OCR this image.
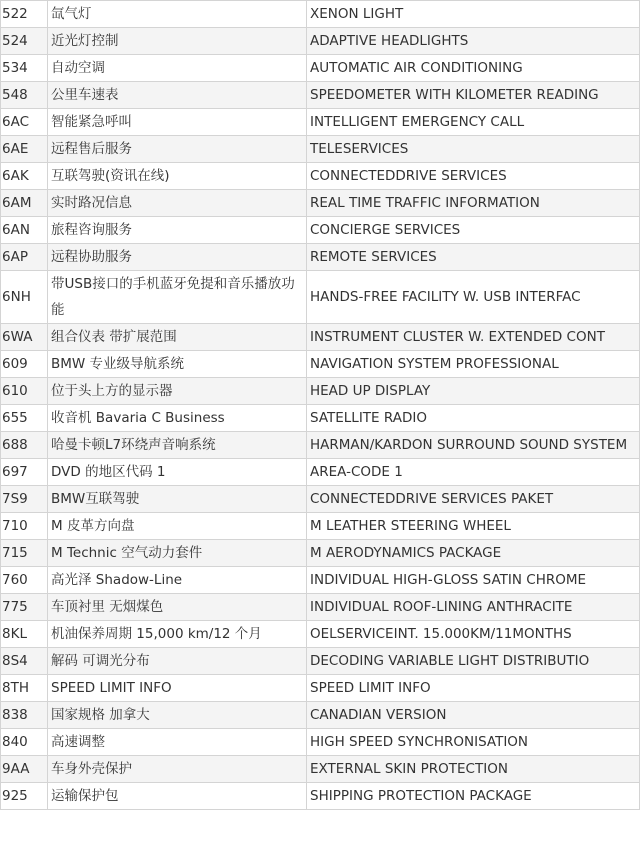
522	氙气灯	XENON LIGHT
524	近光灯控制	ADAPTIVE HEADLIGHTS
534	自动空调	AUTOMATIC AIR CONDITIONING
548	公里车速表	SPEEDOMETER WITH KILOMETER READING
6AC	智能紧急呼叫	INTELLIGENT EMERGENCY CALL
6AE	远程售后服务	TELESERVICES
6AK	互联驾驶(资讯在线)	CONNECTEDDRIVE SERVICES
6AM	实时路况信息	REAL TIME TRAFFIC INFORMATION
6AN	旅程咨询服务	CONCIERGE SERVICES
6AP	远程协助服务	REMOTE SERVICES
6NH	带USB接口的手机蓝牙免提和音乐播放功能	HANDS-FREE FACILITY W. USB INTERFAC
6WA	组合仪表 带扩展范围	INSTRUMENT CLUSTER W. EXTENDED CONT
609	BMW 专业级导航系统	NAVIGATION SYSTEM PROFESSIONAL
610	位于头上方的显示器	HEAD UP DISPLAY
655	收音机 Bavaria C Business	SATELLITE RADIO
688	哈曼卡顿L7环绕声音响系统	HARMAN/KARDON SURROUND SOUND SYSTEM
697	DVD 的地区代码 1	AREA-CODE 1
7S9	BMW互联驾驶	CONNECTEDDRIVE SERVICES PAKET
710	M 皮革方向盘	M LEATHER STEERING WHEEL
715	M Technic 空气动力套件	M AERODYNAMICS PACKAGE
760	高光泽 Shadow-Line	INDIVIDUAL HIGH-GLOSS SATIN CHROME
775	车顶衬里 无烟煤色	INDIVIDUAL ROOF-LINING ANTHRACITE
8KL	机油保养周期 15,000 km/12 个月	OELSERVICEINT. 15.000KM/11MONTHS
8S4	解码 可调光分布	DECODING VARIABLE LIGHT DISTRIBUTIO
8TH	SPEED LIMIT INFO	SPEED LIMIT INFO
838	国家规格 加拿大	CANADIAN VERSION
840	高速调整	HIGH SPEED SYNCHRONISATION
9AA	车身外壳保护	EXTERNAL SKIN PROTECTION
925	运输保护包	SHIPPING PROTECTION PACKAGE
